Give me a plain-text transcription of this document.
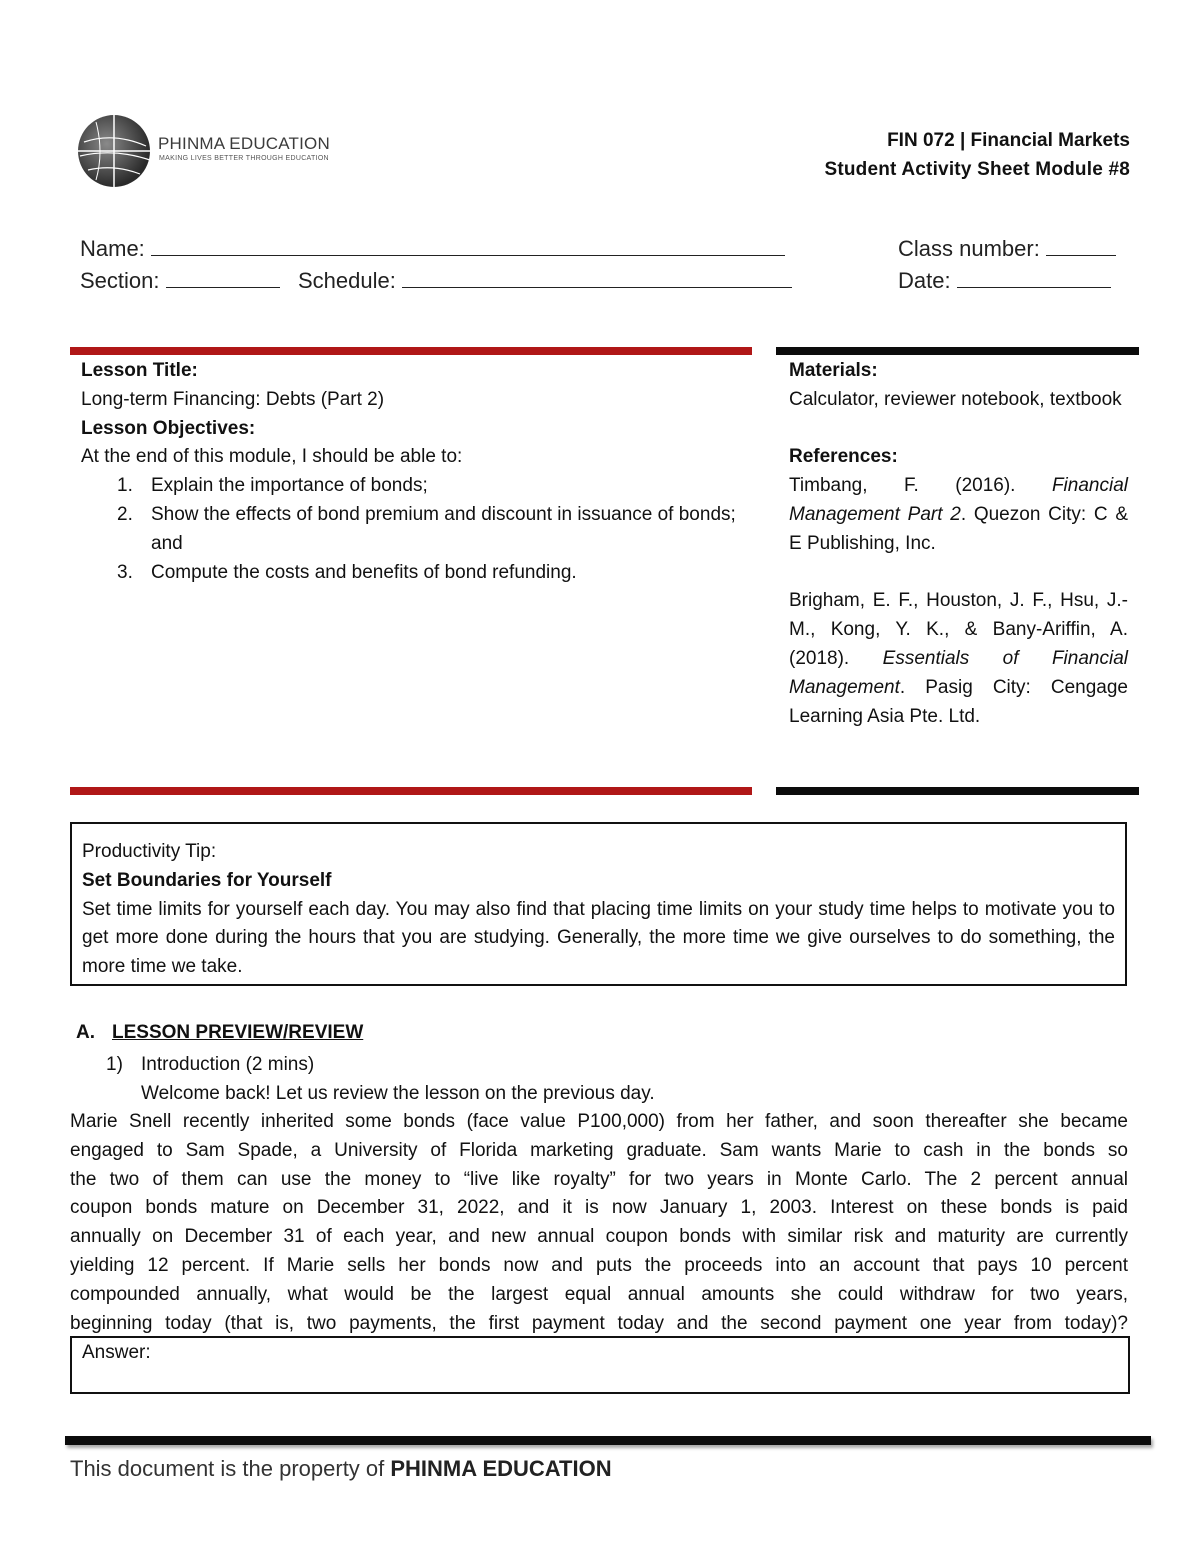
PHINMA EDUCATION
MAKING LIVES BETTER THROUGH EDUCATION
FIN 072 | Financial Markets
Student Activity Sheet Module #8
Name:	Class number:
Section:	Schedule:	Date:
Lesson Title:
Long-term Financing: Debts (Part 2)
Lesson Objectives:
At the end of this module, I should be able to:
1. Explain the importance of bonds;
2. Show the effects of bond premium and discount in issuance of bonds; and
3. Compute the costs and benefits of bond refunding.
Materials:
Calculator, reviewer notebook, textbook
References:
Timbang, F. (2016). Financial Management Part 2. Quezon City: C & E Publishing, Inc.
Brigham, E. F., Houston, J. F., Hsu, J.-M., Kong, Y. K., & Bany-Ariffin, A. (2018). Essentials of Financial Management. Pasig City: Cengage Learning Asia Pte. Ltd.
Productivity Tip:
Set Boundaries for Yourself
Set time limits for yourself each day. You may also find that placing time limits on your study time helps to motivate you to get more done during the hours that you are studying. Generally, the more time we give ourselves to do something, the more time we take.
A. LESSON PREVIEW/REVIEW
1) Introduction (2 mins)
Welcome back! Let us review the lesson on the previous day.
Marie Snell recently inherited some bonds (face value P100,000) from her father, and soon thereafter she became
engaged to Sam Spade, a University of Florida marketing graduate. Sam wants Marie to cash in the bonds so
the two of them can use the money to “live like royalty” for two years in Monte Carlo. The 2 percent annual
coupon bonds mature on December 31, 2022, and it is now January 1, 2003. Interest on these bonds is paid
annually on December 31 of each year, and new annual coupon bonds with similar risk and maturity are currently
yielding 12 percent. If Marie sells her bonds now and puts the proceeds into an account that pays 10 percent
compounded annually, what would be the largest equal annual amounts she could withdraw for two years,
beginning today (that is, two payments, the first payment today and the second payment one year from today)?
Answer:
This document is the property of PHINMA EDUCATION
